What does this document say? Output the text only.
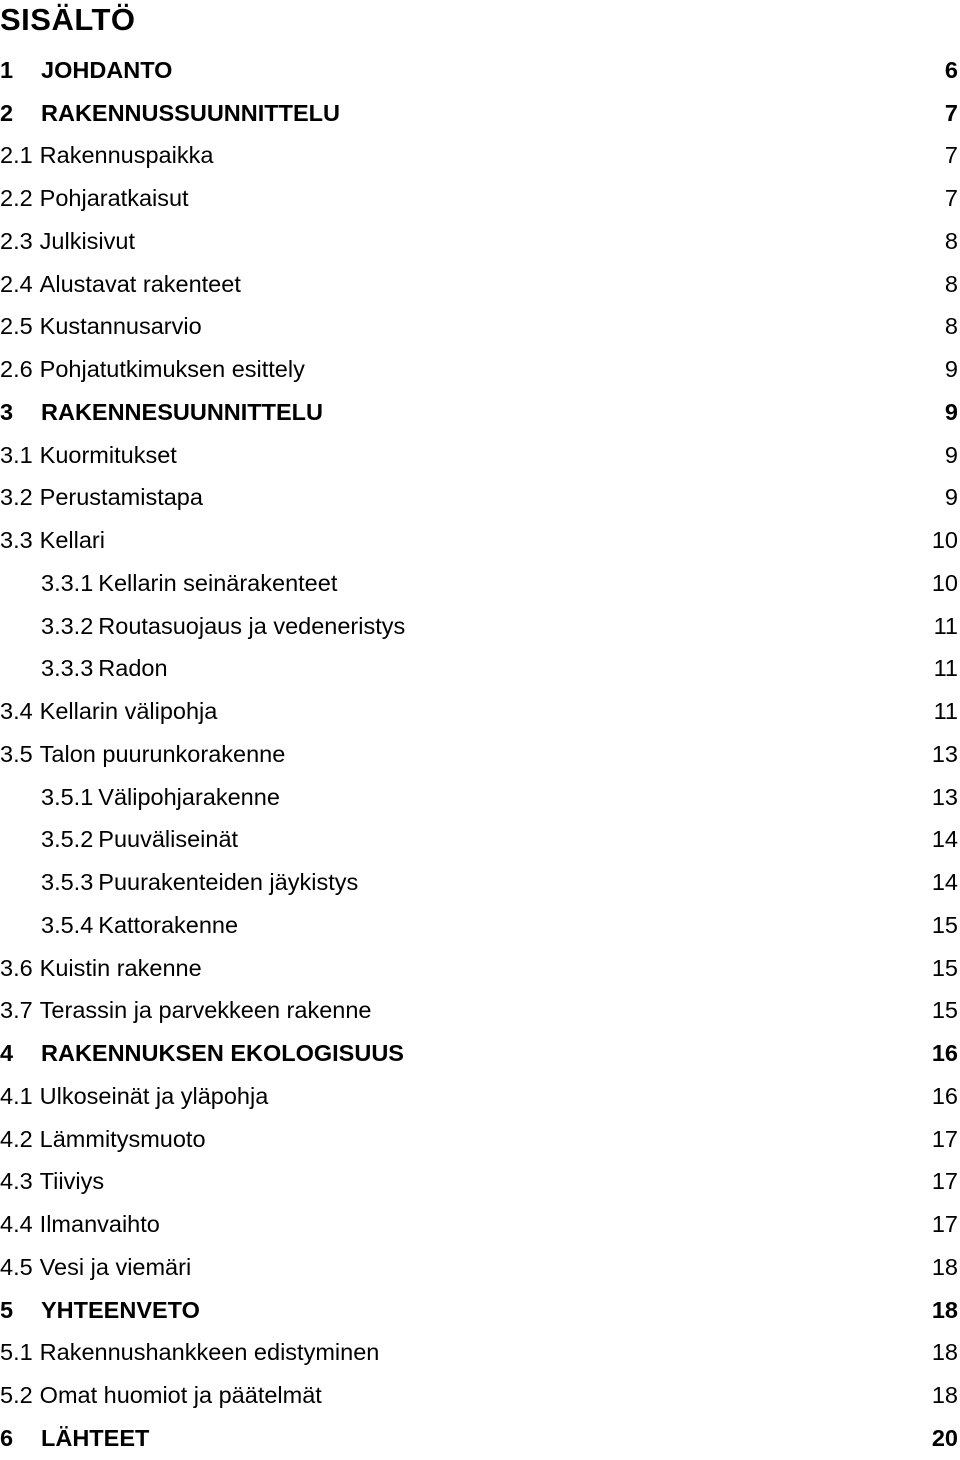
SISÄLTÖ
1	JOHDANTO	6
2	RAKENNUSSUUNNITTELU	7
2.1 Rakennuspaikka	7
2.2 Pohjaratkaisut	7
2.3 Julkisivut	8
2.4 Alustavat rakenteet	8
2.5 Kustannusarvio	8
2.6 Pohjatutkimuksen esittely	9
3	RAKENNESUUNNITTELU	9
3.1 Kuormitukset	9
3.2 Perustamistapa	9
3.3 Kellari	10
3.3.1 Kellarin seinärakenteet	10
3.3.2 Routasuojaus ja vedeneristys	11
3.3.3 Radon	11
3.4 Kellarin välipohja	11
3.5 Talon puurunkorakenne	13
3.5.1 Välipohjarakenne	13
3.5.2 Puuväliseinät	14
3.5.3 Puurakenteiden jäykistys	14
3.5.4 Kattorakenne	15
3.6 Kuistin rakenne	15
3.7 Terassin ja parvekkeen rakenne	15
4	RAKENNUKSEN EKOLOGISUUS	16
4.1 Ulkoseinät ja yläpohja	16
4.2 Lämmitysmuoto	17
4.3 Tiiviys	17
4.4 Ilmanvaihto	17
4.5 Vesi ja viemäri	18
5	YHTEENVETO	18
5.1 Rakennushankkeen edistyminen	18
5.2 Omat huomiot ja päätelmät	18
6	LÄHTEET	20
